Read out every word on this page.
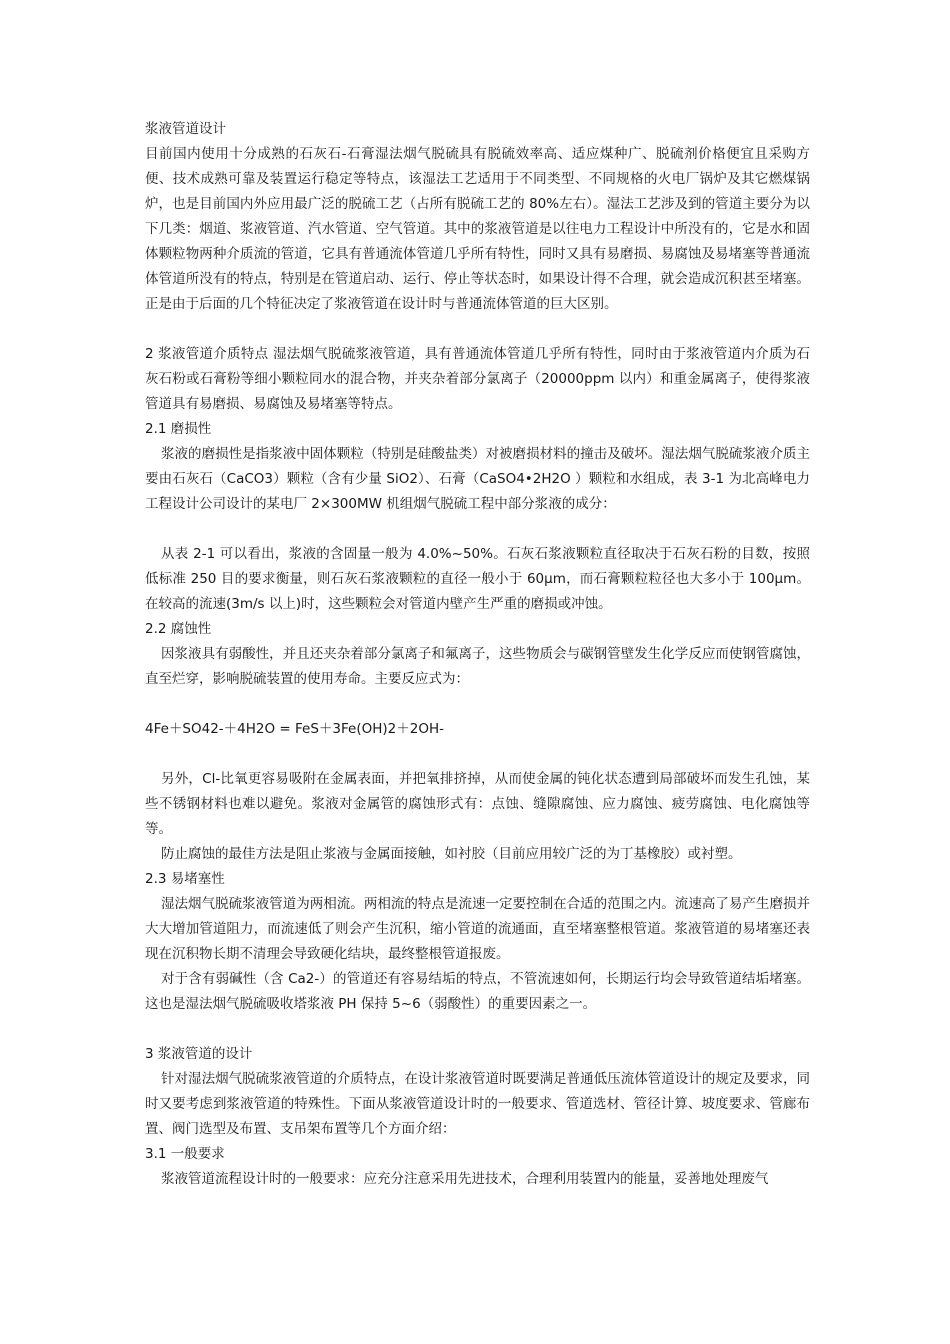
浆液管道设计

目前国内使用十分成熟的石灰石-石膏湿法烟气脱硫具有脱硫效率高、适应煤种广、脱硫剂价格便宜且采购方便、技术成熟可靠及装置运行稳定等特点，该湿法工艺适用于不同类型、不同规格的火电厂锅炉及其它燃煤锅炉，也是目前国内外应用最广泛的脱硫工艺（占所有脱硫工艺的 80%左右）。湿法工艺涉及到的管道主要分为以下几类：烟道、浆液管道、汽水管道、空气管道。其中的浆液管道是以往电力工程设计中所没有的，它是水和固体颗粒物两种介质流的管道，它具有普通流体管道几乎所有特性，同时又具有易磨损、易腐蚀及易堵塞等普通流体管道所没有的特点，特别是在管道启动、运行、停止等状态时，如果设计得不合理，就会造成沉积甚至堵塞。正是由于后面的几个特征决定了浆液管道在设计时与普通流体管道的巨大区别。

2 浆液管道介质特点 湿法烟气脱硫浆液管道，具有普通流体管道几乎所有特性，同时由于浆液管道内介质为石灰石粉或石膏粉等细小颗粒同水的混合物，并夹杂着部分氯离子（20000ppm 以内）和重金属离子，使得浆液管道具有易磨损、易腐蚀及易堵塞等特点。

2.1 磨损性

浆液的磨损性是指浆液中固体颗粒（特别是硅酸盐类）对被磨损材料的撞击及破坏。湿法烟气脱硫浆液介质主要由石灰石（CaCO3）颗粒（含有少量 SiO2）、石膏（CaSO4•2H2O ）颗粒和水组成，表 3-1 为北高峰电力工程设计公司设计的某电厂 2×300MW 机组烟气脱硫工程中部分浆液的成分：

从表 2-1 可以看出，浆液的含固量一般为 4.0%~50%。石灰石浆液颗粒直径取决于石灰石粉的目数，按照低标准 250 目的要求衡量，则石灰石浆液颗粒的直径一般小于 60μm，而石膏颗粒粒径也大多小于 100μm。在较高的流速(3m/s 以上)时，这些颗粒会对管道内壁产生严重的磨损或冲蚀。

2.2 腐蚀性

因浆液具有弱酸性，并且还夹杂着部分氯离子和氟离子，这些物质会与碳钢管壁发生化学反应而使钢管腐蚀，直至烂穿，影响脱硫装置的使用寿命。主要反应式为：

4Fe＋SO42-＋4H2O = FeS＋3Fe(OH)2＋2OH-

另外，Cl-比氧更容易吸附在金属表面，并把氧排挤掉，从而使金属的钝化状态遭到局部破坏而发生孔蚀，某些不锈钢材料也难以避免。浆液对金属管的腐蚀形式有：点蚀、缝隙腐蚀、应力腐蚀、疲劳腐蚀、电化腐蚀等等。

防止腐蚀的最佳方法是阻止浆液与金属面接触，如衬胶（目前应用较广泛的为丁基橡胶）或衬塑。

2.3 易堵塞性

湿法烟气脱硫浆液管道为两相流。两相流的特点是流速一定要控制在合适的范围之内。流速高了易产生磨损并大大增加管道阻力，而流速低了则会产生沉积，缩小管道的流通面，直至堵塞整根管道。浆液管道的易堵塞还表现在沉积物长期不清理会导致硬化结块，最终整根管道报废。

对于含有弱碱性（含 Ca2-）的管道还有容易结垢的特点，不管流速如何，长期运行均会导致管道结垢堵塞。这也是湿法烟气脱硫吸收塔浆液 PH 保持 5~6（弱酸性）的重要因素之一。

3 浆液管道的设计

针对湿法烟气脱硫浆液管道的介质特点，在设计浆液管道时既要满足普通低压流体管道设计的规定及要求，同时又要考虑到浆液管道的特殊性。下面从浆液管道设计时的一般要求、管道选材、管径计算、坡度要求、管廊布置、阀门选型及布置、支吊架布置等几个方面介绍：

3.1 一般要求

浆液管道流程设计时的一般要求：应充分注意采用先进技术，合理利用装置内的能量，妥善地处理废气
